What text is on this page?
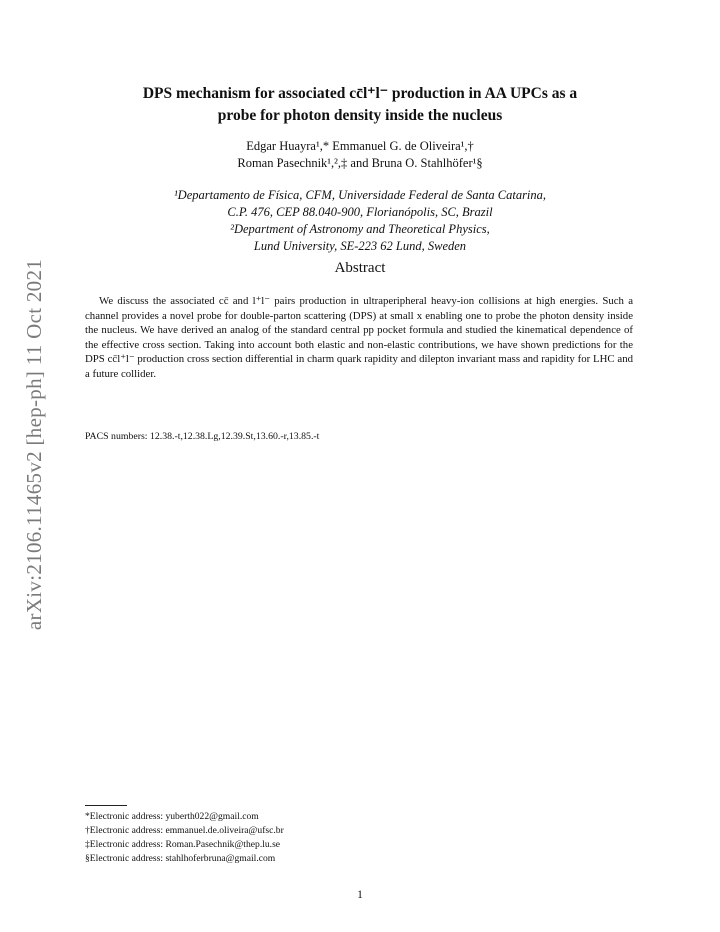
arXiv:2106.11465v2 [hep-ph] 11 Oct 2021
DPS mechanism for associated cc̄l⁺l⁻ production in AA UPCs as a
probe for photon density inside the nucleus
Edgar Huayra¹,* Emmanuel G. de Oliveira¹,†
Roman Pasechnik¹,²,‡ and Bruna O. Stahlhöfer¹§
¹Departamento de Física, CFM, Universidade Federal de Santa Catarina,
C.P. 476, CEP 88.040-900, Florianópolis, SC, Brazil
²Department of Astronomy and Theoretical Physics,
Lund University, SE-223 62 Lund, Sweden
Abstract
We discuss the associated cc̄ and l⁺l⁻ pairs production in ultraperipheral heavy-ion collisions at high energies. Such a channel provides a novel probe for double-parton scattering (DPS) at small x enabling one to probe the photon density inside the nucleus. We have derived an analog of the standard central pp pocket formula and studied the kinematical dependence of the effective cross section. Taking into account both elastic and non-elastic contributions, we have shown predictions for the DPS cc̄l⁺l⁻ production cross section differential in charm quark rapidity and dilepton invariant mass and rapidity for LHC and a future collider.
PACS numbers: 12.38.-t,12.38.Lg,12.39.St,13.60.-r,13.85.-t
*Electronic address: yuberth022@gmail.com
†Electronic address: emmanuel.de.oliveira@ufsc.br
‡Electronic address: Roman.Pasechnik@thep.lu.se
§Electronic address: stahlhoferbruna@gmail.com
1
